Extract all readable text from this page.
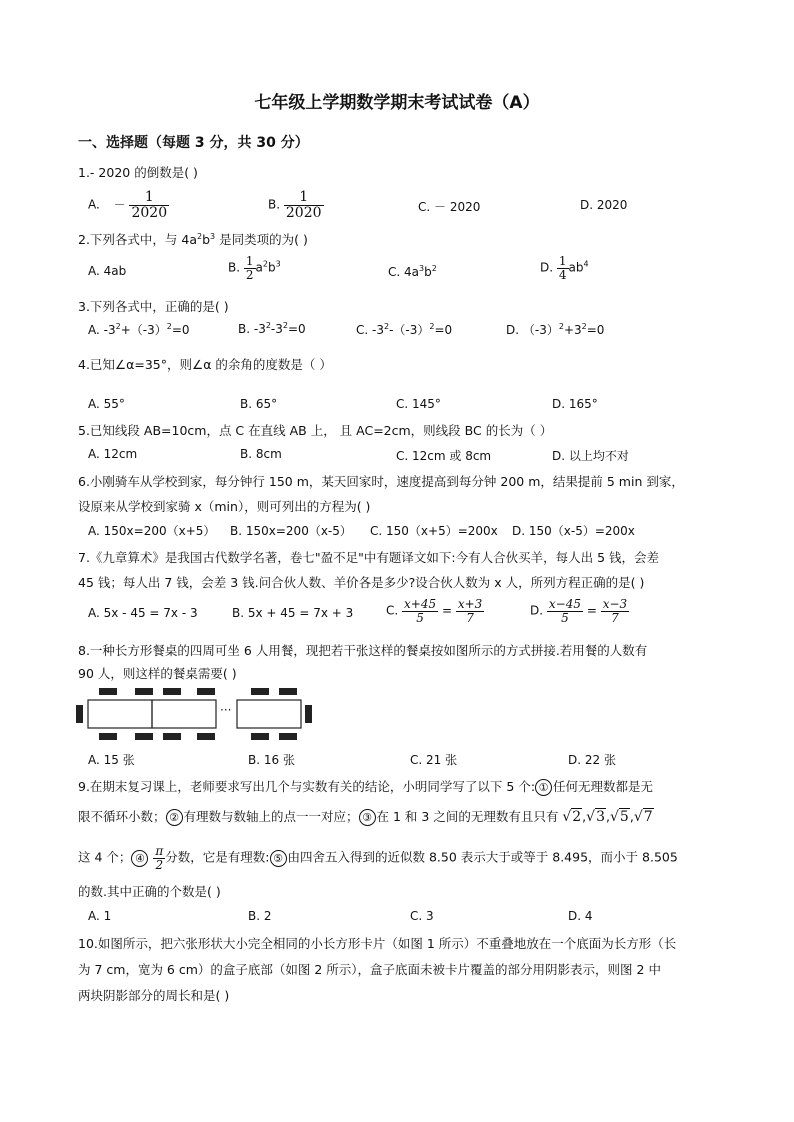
七年级上学期数学期末考试试卷（A）
一、选择题（每题 3 分，共 30 分）
1.- 2020 的倒数是( )
A. － $\frac{1}{2020}$	B. $\frac{1}{2020}$	C. － 2020	D. 2020
2.下列各式中，与 $4a^2b^3$ 是同类项的为( )
A. 4ab	B. $\frac{1}{2} a^2b^3$
C. $4a^3b^2$	D. $\frac{1}{4} ab^4$
3.下列各式中，正确的是( )
A. $-3^2+(-3)^2=0$	B. $-3^2-3^2=0$	C. $-3^2-(-3)^2=0$	D. $(-3)^2+3^2=0$
4.已知∠α=35°，则∠α 的余角的度数是（ ）
A. 55°	B. 65°	C. 145°	D. 165°
5.已知线段 AB=10cm，点 C 在直线 AB 上， 且 AC=2cm，则线段 BC 的长为（ ）
A. 12cm	B. 8cm	C. 12cm 或 8cm	D. 以上均不对
6.小刚骑车从学校到家，每分钟行 150 m，某天回家时，速度提高到每分钟 200 m，结果提前 5 min 到家，
设原来从学校到家骑 x（min），则可列出的方程为( )
A. 150x=200（x+5） B. 150x=200（x-5） C. 150（x+5）=200x D. 150（x-5）=200x
7.《九章算术》是我国古代数学名著，卷七"盈不足"中有题译文如下:今有人合伙买羊，每人出 5 钱，会差
45 钱；每人出 7 钱，会差 3 钱.问合伙人数、羊价各是多少?设合伙人数为 x 人，所列方程正确的是( )
A. 5x - 45 = 7x - 3	B. 5x + 45 = 7x + 3	C. $\frac{x+45}{5} = \frac{x+3}{7}$	D. $\frac{x-45}{5} = \frac{x-3}{7}$
8.一种长方形餐桌的四周可坐 6 人用餐，现把若干张这样的餐桌按如图所示的方式拼接.若用餐的人数有
90 人，则这样的餐桌需要( )
···
A. 15 张	B. 16 张	C. 21 张	D. 22 张
9.在期末复习课上，老师要求写出几个与实数有关的结论，小明同学写了以下 5 个: ① 任何无理数都是无
限不循环小数； ② 有理数与数轴上的点一一对应； ③ 在 1 和 3 之间的无理数有且只有 √2,√3,√5,√7
这 4 个； ④ $\frac{\pi}{2}$ 分数，它是有理数: ⑤ 由四舍五入得到的近似数 8.50 表示大于或等于 8.495，而小于 8.505
的数.其中正确的个数是( )
A. 1	B. 2	C. 3	D. 4
10.如图所示，把六张形状大小完全相同的小长方形卡片（如图 1 所示）不重叠地放在一个底面为长方形（长
为 7 cm，宽为 6 cm）的盒子底部（如图 2 所示），盒子底面未被卡片覆盖的部分用阴影表示，则图 2 中
两块阴影部分的周长和是( )
